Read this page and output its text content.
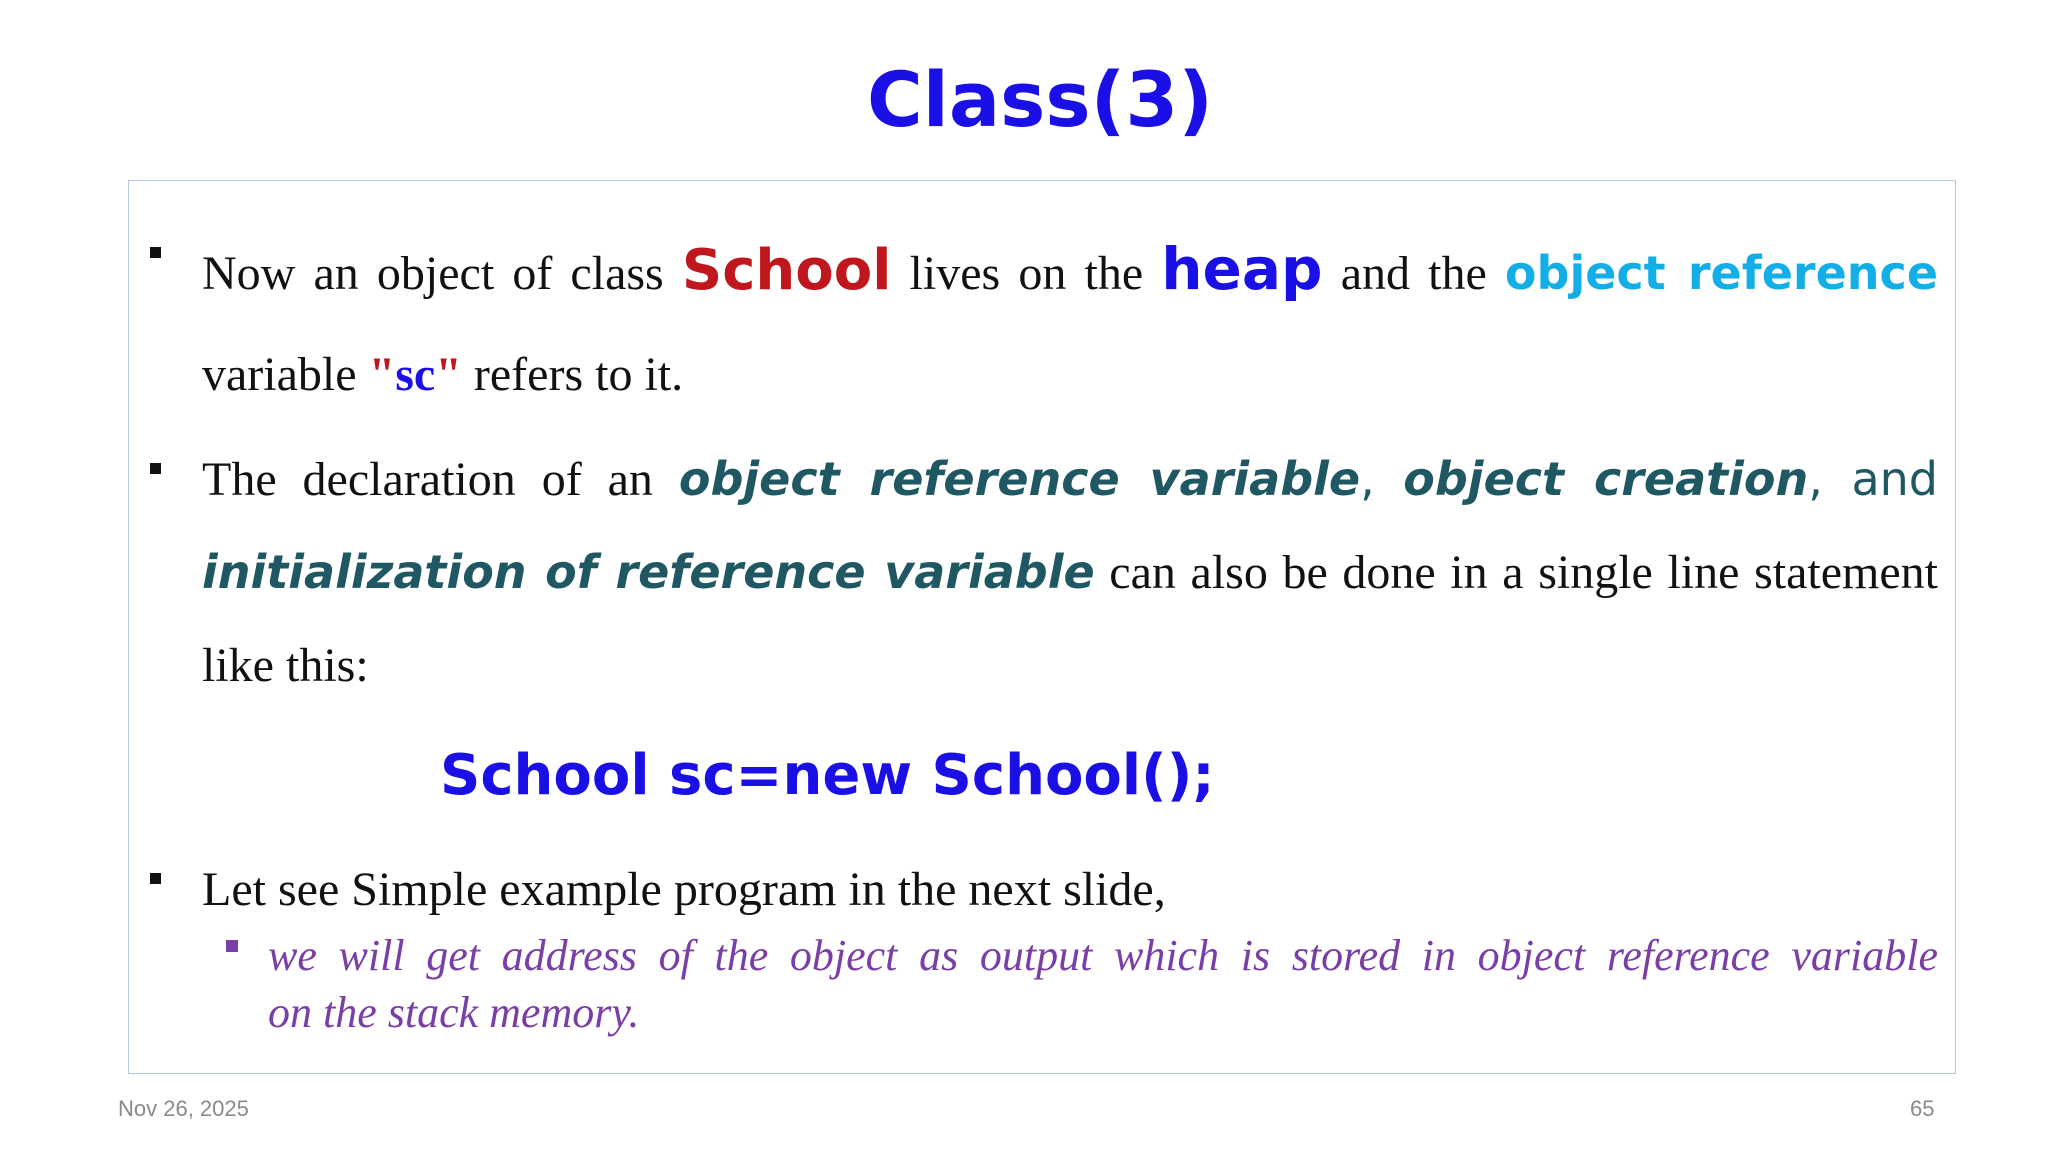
Class(3)
Now an object of class School lives on the heap and the object reference
variable "sc" refers to it.
The declaration of an object reference variable, object creation, and
initialization of reference variable can also be done in a single line statement
like this:
School sc=new School();
Let see Simple example program in the next slide,
we will get address of the object as output which is stored in object reference variable
on the stack memory.
Nov 26, 2025	65
